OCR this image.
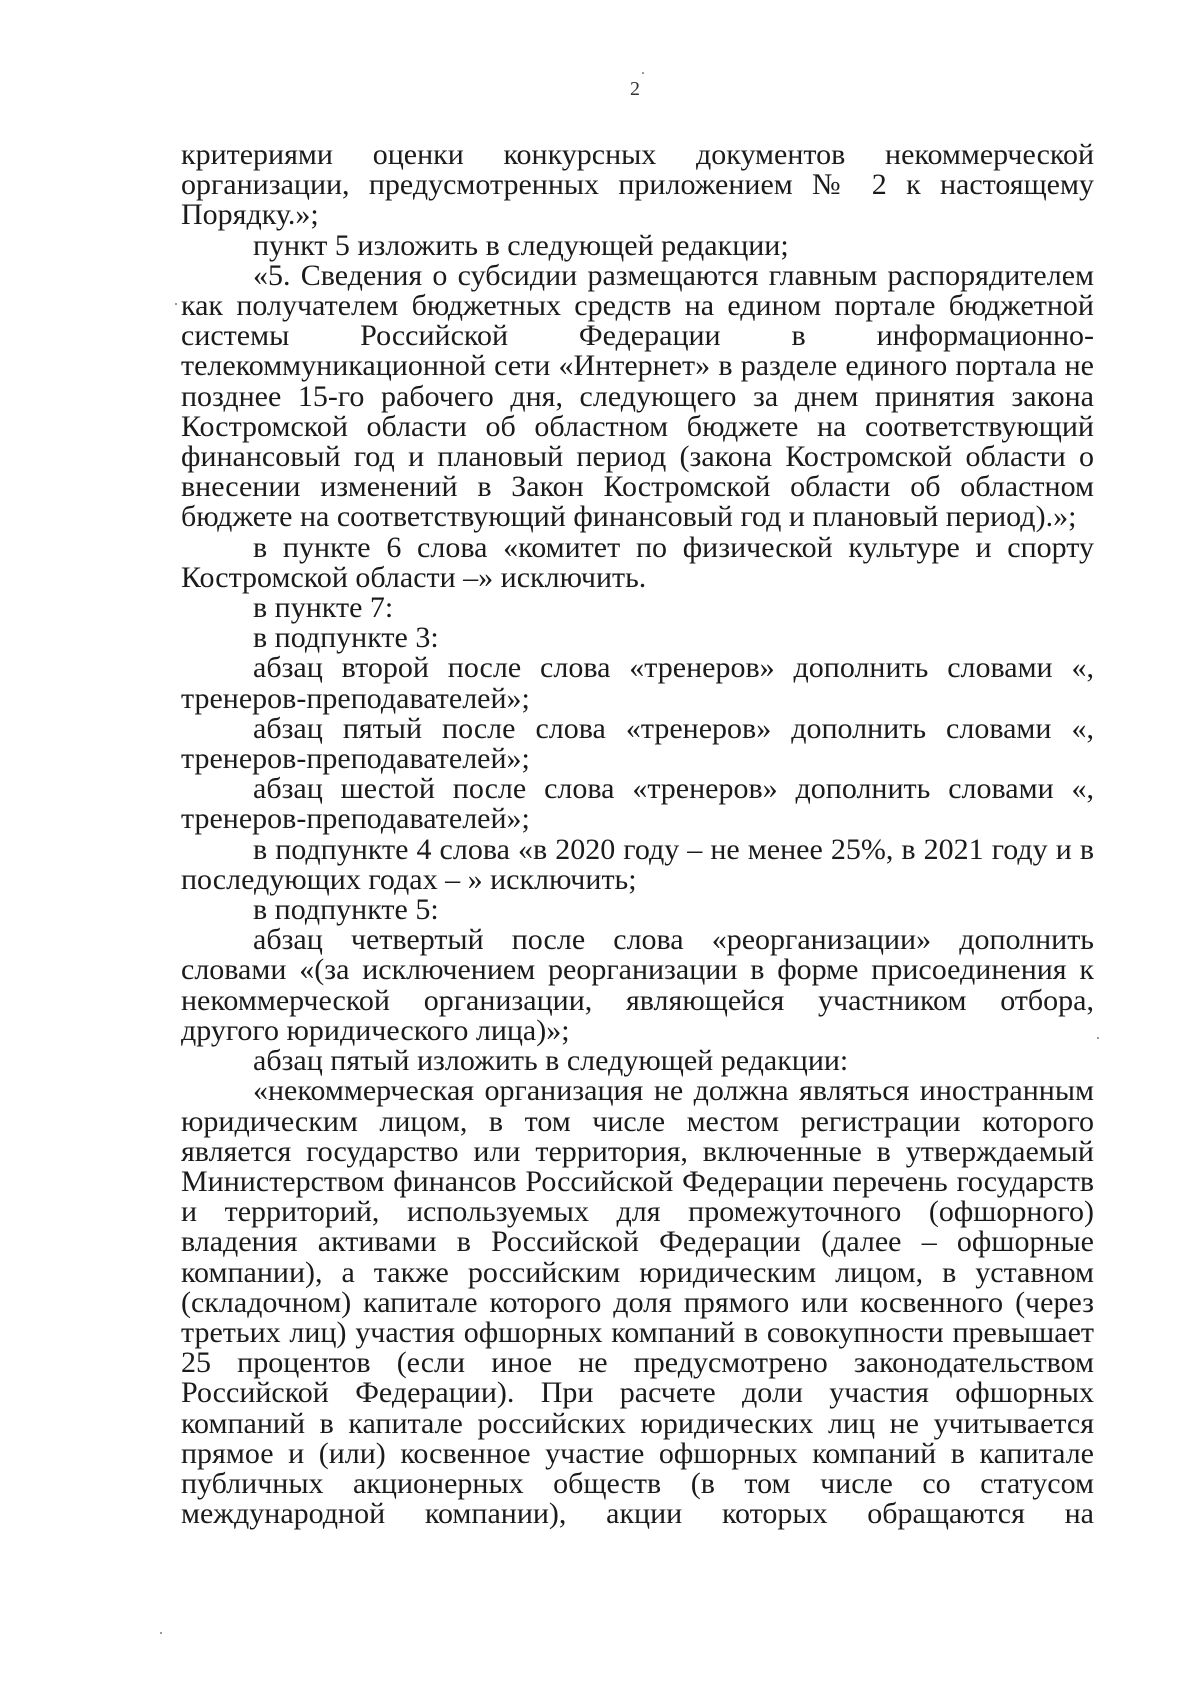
2

критериями оценки конкурсных документов некоммерческой организации, предусмотренных приложением № 2 к настоящему Порядку.»;

пункт 5 изложить в следующей редакции;

«5. Сведения о субсидии размещаются главным распорядителем как получателем бюджетных средств на едином портале бюджетной системы Российской Федерации в информационно-телекоммуникационной сети «Интернет» в разделе единого портала не позднее 15-го рабочего дня, следующего за днем принятия закона Костромской области об областном бюджете на соответствующий финансовый год и плановый период (закона Костромской области о внесении изменений в Закон Костромской области об областном бюджете на соответствующий финансовый год и плановый период).»;

в пункте 6 слова «комитет по физической культуре и спорту Костромской области –» исключить.

в пункте 7:

в подпункте 3:

абзац второй после слова «тренеров» дополнить словами «, тренеров-преподавателей»;

абзац пятый после слова «тренеров» дополнить словами «, тренеров-преподавателей»;

абзац шестой после слова «тренеров» дополнить словами «, тренеров-преподавателей»;

в подпункте 4 слова «в 2020 году – не менее 25%, в 2021 году и в последующих годах – » исключить;

в подпункте 5:

абзац четвертый после слова «реорганизации» дополнить словами «(за исключением реорганизации в форме присоединения к некоммерческой организации, являющейся участником отбора, другого юридического лица)»;

абзац пятый изложить в следующей редакции:

«некоммерческая организация не должна являться иностранным юридическим лицом, в том числе местом регистрации которого является государство или территория, включенные в утверждаемый Министерством финансов Российской Федерации перечень государств и территорий, используемых для промежуточного (офшорного) владения активами в Российской Федерации (далее – офшорные компании), а также российским юридическим лицом, в уставном (складочном) капитале которого доля прямого или косвенного (через третьих лиц) участия офшорных компаний в совокупности превышает 25 процентов (если иное не предусмотрено законодательством Российской Федерации). При расчете доли участия офшорных компаний в капитале российских юридических лиц не учитывается прямое и (или) косвенное участие офшорных компаний в капитале публичных акционерных обществ (в том числе со статусом международной компании), акции которых обращаются на
